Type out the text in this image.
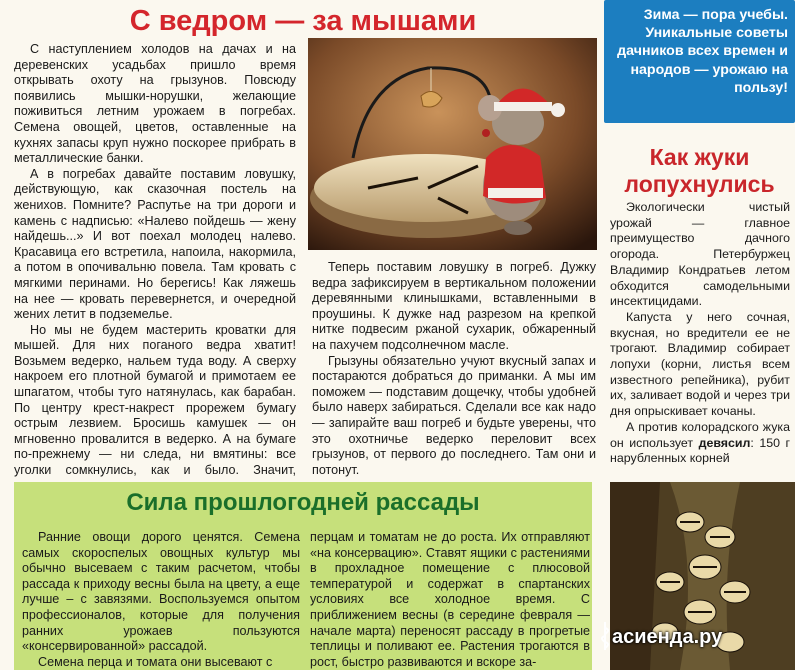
С ведром — за мышами

С наступлением холодов на дачах и на деревенских усадьбах пришло время открывать охоту на грызунов. Повсюду появились мышки-норушки, желающие поживиться летним урожаем в погребах. Семена овощей, цветов, оставленные на кухнях запасы круп нужно поскорее прибрать в металлические банки.

А в погребах давайте поставим ловушку, действующую, как сказочная постель на женихов. Помните? Распутье на три дороги и камень с надписью: «Налево пойдешь — жену найдешь...» И вот поехал молодец налево. Красавица его встретила, напоила, накормила, а потом в опочивальню повела. Там кровать с мягкими перинами. Но берегись! Как ляжешь на нее — кровать перевернется, и очередной жених летит в подземелье.

Но мы не будем мастерить кроватки для мышей. Для них поганого ведра хватит! Возьмем ведерко, нальем туда воду. А сверху накроем его плотной бумагой и примотаем ее шпагатом, чтобы туго натянулась, как барабан. По центру крест-накрест прорежем бумагу острым лезвием. Бросишь камушек — он мгновенно провалится в ведерко. А на бумаге по-прежнему — ни следа, ни вмятины: все уголки сомкнулись, как и было. Значит,

Теперь поставим ловушку в погреб. Дужку ведра зафиксируем в вертикальном положении деревянными клинышками, вставленными в проушины. К дужке над разрезом на крепкой нитке подвесим ржаной сухарик, обжаренный на пахучем подсолнечном масле.

Грызуны обязательно учуют вкусный запах и постараются добраться до приманки. А мы им поможем — подставим дощечку, чтобы удобней было наверх забираться. Сделали все как надо — запирайте ваш погреб и будьте уверены, что это охотничье ведерко переловит всех грызунов, от первого до последнего. Там они и потонут.

Сила прошлогодней рассады

Ранние овощи дорого ценятся. Семена самых скороспелых овощных культур мы обычно высеваем с таким расчетом, чтобы рассада к приходу весны была на цвету, а еще лучше – с завязями. Воспользуемся опытом профессионалов, которые для получения ранних урожаев пользуются «консервированной» рассадой.

Семена перца и томата они высевают с

перцам и томатам не до роста. Их отправляют «на консервацию». Ставят ящики с растениями в прохладное помещение с плюсовой температурой и содержат в спартанских условиях все холодное время. С приближением весны (в середине февраля — начале марта) переносят рассаду в прогретые теплицы и поливают ее. Растения трогаются в рост, быстро развиваются и вскоре за-

Зима — пора учебы. Уникальные советы дачников всех времен и народов — урожаю на пользу!
Как жуки лопухнулись

Экологически чистый урожай — главное преимущество дачного огорода. Петербуржец Владимир Кондратьев летом обходится самодельными инсектицидами.

Капуста у него сочная, вкусная, но вредители ее не трогают. Владимир собирает лопухи (корни, листья всем известного репейника), рубит их, заливает водой и через три дня опрыскивает кочаны.

А против колорадского жука он использует девясил: 150 г нарубленных корней

асиенда.ру
